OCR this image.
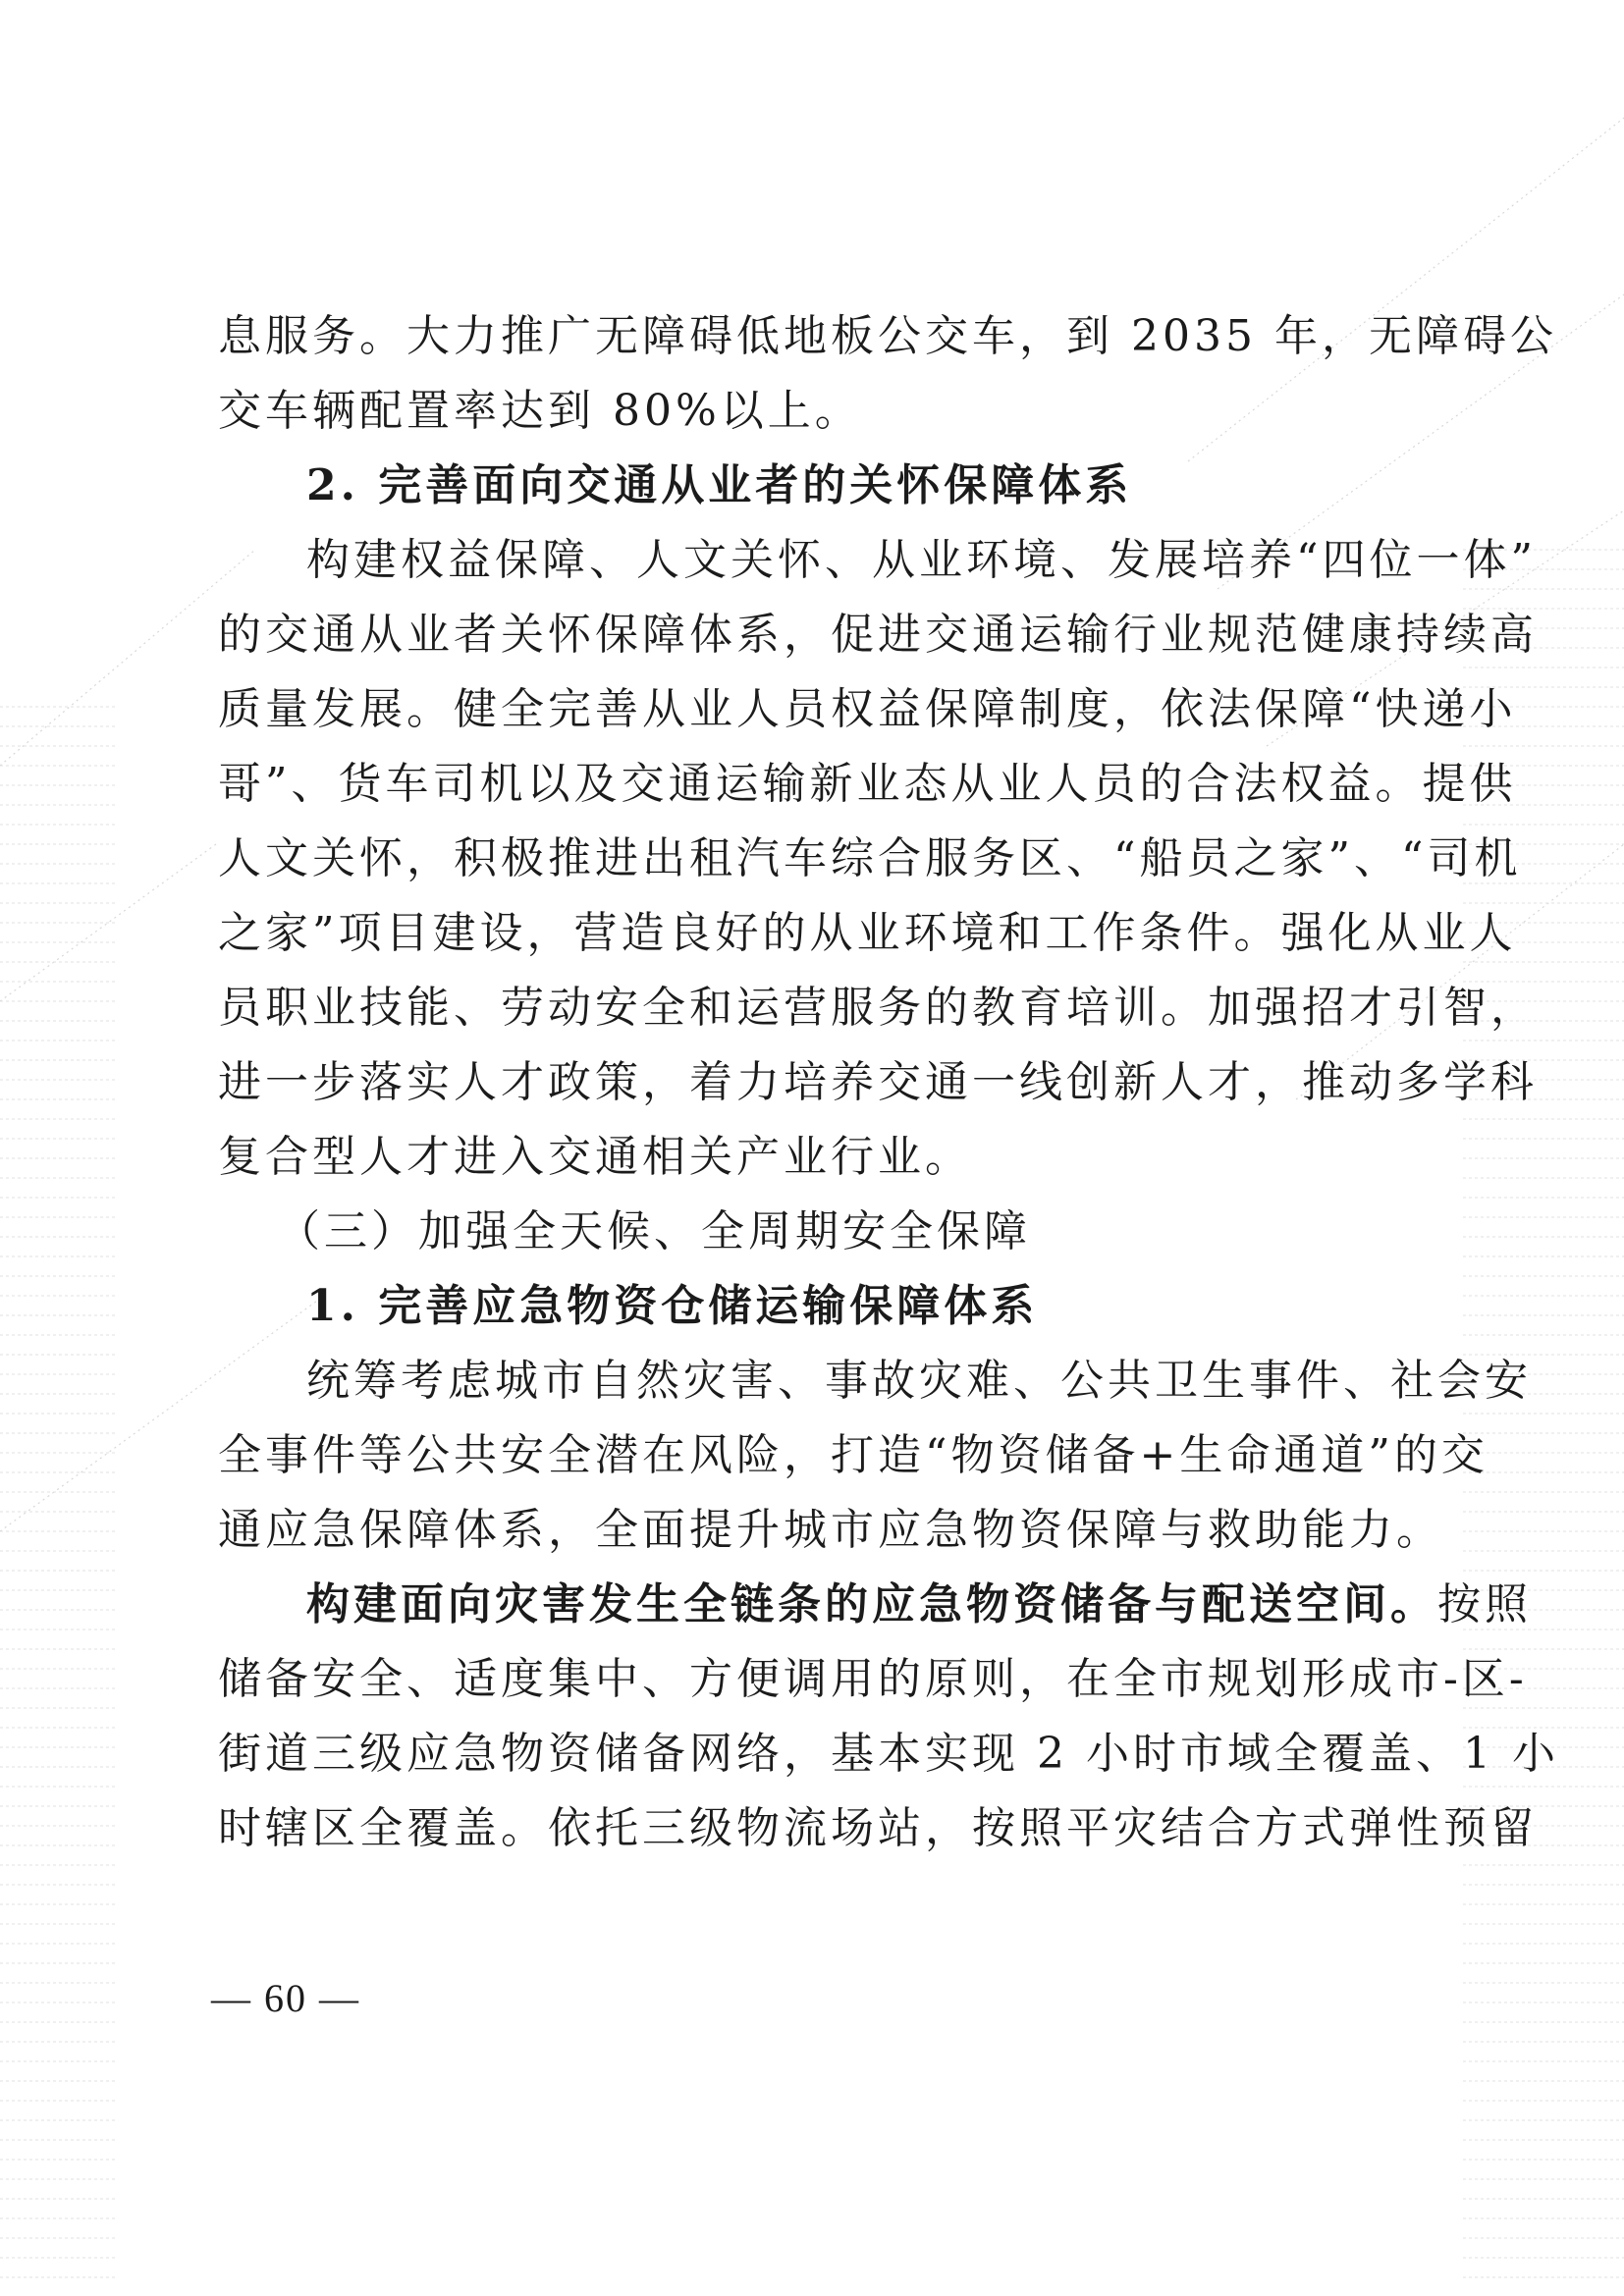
息服务。大力推广无障碍低地板公交车，到 2035 年，无障碍公
交车辆配置率达到 80%以上。
2. 完善面向交通从业者的关怀保障体系
构建权益保障、人文关怀、从业环境、发展培养“四位一体”
的交通从业者关怀保障体系，促进交通运输行业规范健康持续高
质量发展。健全完善从业人员权益保障制度，依法保障“快递小
哥”、货车司机以及交通运输新业态从业人员的合法权益。提供
人文关怀，积极推进出租汽车综合服务区、“船员之家”、“司机
之家”项目建设，营造良好的从业环境和工作条件。强化从业人
员职业技能、劳动安全和运营服务的教育培训。加强招才引智，
进一步落实人才政策，着力培养交通一线创新人才，推动多学科
复合型人才进入交通相关产业行业。
（三）加强全天候、全周期安全保障
1. 完善应急物资仓储运输保障体系
统筹考虑城市自然灾害、事故灾难、公共卫生事件、社会安
全事件等公共安全潜在风险，打造“物资储备+生命通道”的交
通应急保障体系，全面提升城市应急物资保障与救助能力。
构建面向灾害发生全链条的应急物资储备与配送空间。按照
储备安全、适度集中、方便调用的原则，在全市规划形成市-区-
街道三级应急物资储备网络，基本实现 2 小时市域全覆盖、1 小
时辖区全覆盖。依托三级物流场站，按照平灾结合方式弹性预留
— 60 —
